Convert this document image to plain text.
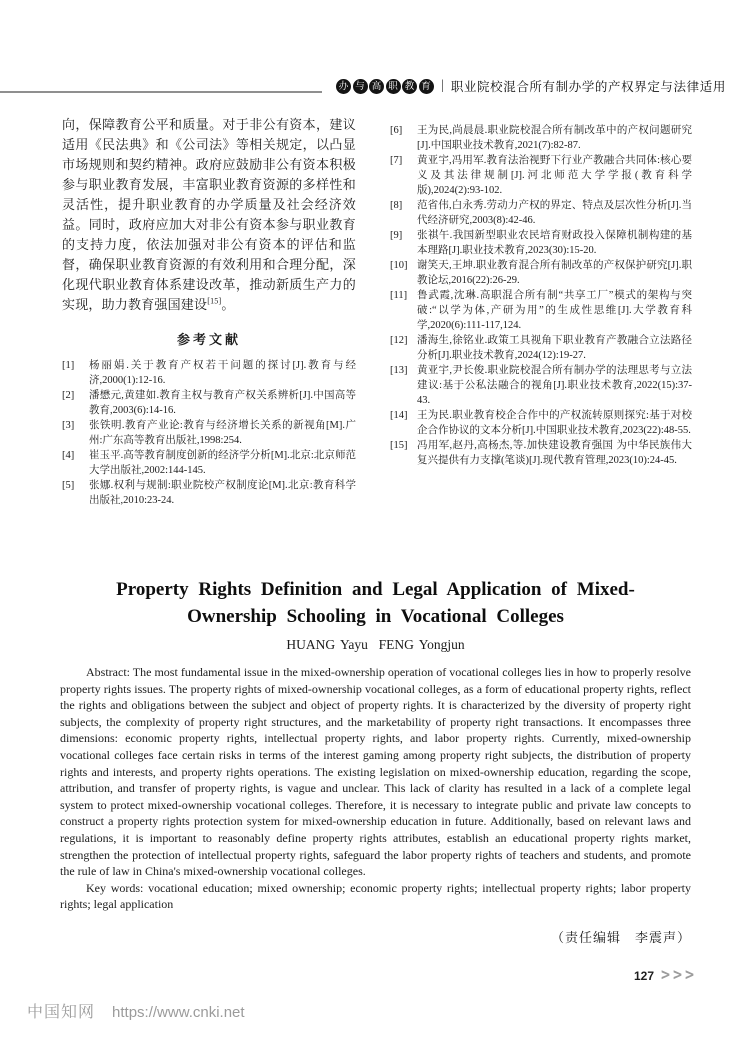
办 与 高 职 教 育 | 职业院校混合所有制办学的产权界定与法律适用

向，保障教育公平和质量。对于非公有资本，建议适用《民法典》和《公司法》等相关规定，以凸显市场规则和契约精神。政府应鼓励非公有资本积极参与职业教育发展，丰富职业教育资源的多样性和灵活性，提升职业教育的办学质量及社会经济效益。同时，政府应加大对非公有资本参与职业教育的支持力度，依法加强对非公有资本的评估和监督，确保职业教育资源的有效利用和合理分配，深化现代职业教育体系建设改革，推动新质生产力的实现，助力教育强国建设[15]。

参考文献
[1]	杨丽娟.关于教育产权若干问题的探讨[J].教育与经济,2000(1):12-16.
[2]	潘懋元,黄建如.教育主权与教育产权关系辨析[J].中国高等教育,2003(6):14-16.
[3]	张铁明.教育产业论:教育与经济增长关系的新视角[M].广州:广东高等教育出版社,1998:254.
[4]	崔玉平.高等教育制度创新的经济学分析[M].北京:北京师范大学出版社,2002:144-145.
[5]	张娜.权利与规制:职业院校产权制度论[M].北京:教育科学出版社,2010:23-24.
[6]	王为民,尚晨晨.职业院校混合所有制改革中的产权问题研究[J].中国职业技术教育,2021(7):82-87.
[7]	黄亚宇,冯用军.教育法治视野下行业产教融合共同体:核心要义及其法律规制[J].河北师范大学学报(教育科学版),2024(2):93-102.
[8]	范省伟,白永秀.劳动力产权的界定、特点及层次性分析[J].当代经济研究,2003(8):42-46.
[9]	张祺午.我国新型职业农民培育财政投入保障机制构建的基本理路[J].职业技术教育,2023(30):15-20.
[10] 谢笑天,王坤.职业教育混合所有制改革的产权保护研究[J].职教论坛,2016(22):26-29.
[11] 鲁武霞,沈琳.高职混合所有制“共享工厂”模式的架构与突破:“以学为体,产研为用”的生成性思维[J].大学教育科学,2020(6):111-117,124.
[12] 潘海生,徐铭业.政策工具视角下职业教育产教融合立法路径分析[J].职业技术教育,2024(12):19-27.
[13] 黄亚宇,尹长俊.职业院校混合所有制办学的法理思考与立法建议:基于公私法融合的视角[J].职业技术教育,2022(15):37-43.
[14] 王为民.职业教育校企合作中的产权流转原则探究:基于对校企合作协议的文本分析[J].中国职业技术教育,2023(22):48-55.
[15] 冯用军,赵丹,高杨杰,等.加快建设教育强国 为中华民族伟大复兴提供有力支撑(笔谈)[J].现代教育管理,2023(10):24-45.
Property Rights Definition and Legal Application of Mixed-
Ownership Schooling in Vocational Colleges
HUANG Yayu  FENG Yongjun

Abstract: The most fundamental issue in the mixed-ownership operation of vocational colleges lies in how to properly resolve property rights issues. The property rights of mixed-ownership vocational colleges, as a form of educational property rights, reflect the rights and obligations between the subject and object of property rights. It is characterized by the diversity of property right subjects, the complexity of property right structures, and the marketability of property right transactions. It encompasses three dimensions: economic property rights, intellectual property rights, and labor property rights. Currently, mixed-ownership vocational colleges face certain risks in terms of the interest gaming among property right subjects, the distribution of property rights and interests, and property rights operations. The existing legislation on mixed-ownership education, regarding the scope, attribution, and transfer of property rights, is vague and unclear. This lack of clarity has resulted in a lack of a complete legal system to protect mixed-ownership vocational colleges. Therefore, it is necessary to integrate public and private law concepts to construct a property rights protection system for mixed-ownership education in future. Additionally, based on relevant laws and regulations, it is important to reasonably define property rights attributes, establish an educational property rights market, strengthen the protection of intellectual property rights, safeguard the labor property rights of teachers and students, and promote the rule of law in China's mixed-ownership vocational colleges.

Key words: vocational education; mixed ownership; economic property rights; intellectual property rights; labor property rights; legal application

（责任编辑　李震声）
127 >>>
中国知网 https://www.cnki.net
